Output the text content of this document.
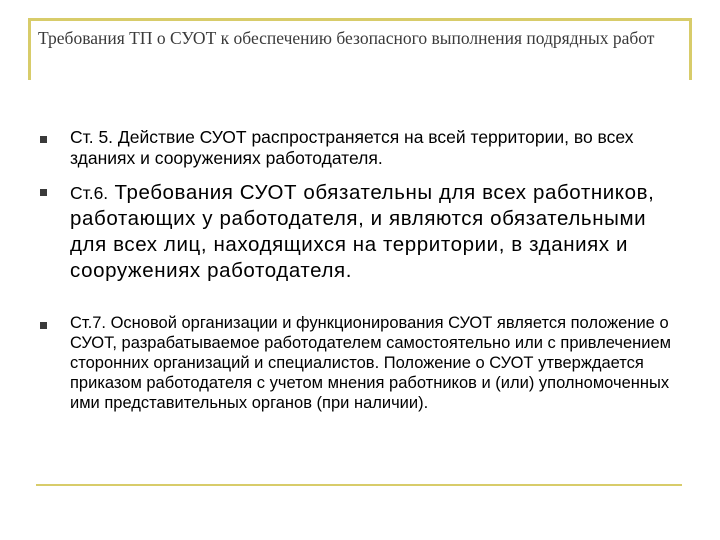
Требования ТП о СУОТ к обеспечению безопасного выполнения подрядных работ
Ст. 5. Действие СУОТ распространяется на всей территории, во всех зданиях и сооружениях работодателя.
Ст.6. Требования СУОТ обязательны для всех работников, работающих у работодателя, и являются обязательными для всех лиц, находящихся на территории, в зданиях и сооружениях работодателя.
Ст.7. Основой организации и функционирования СУОТ является положение о СУОТ, разрабатываемое работодателем самостоятельно или с привлечением сторонних организаций и специалистов. Положение о СУОТ утверждается приказом работодателя с учетом мнения работников и (или) уполномоченных ими представительных органов (при наличии).
